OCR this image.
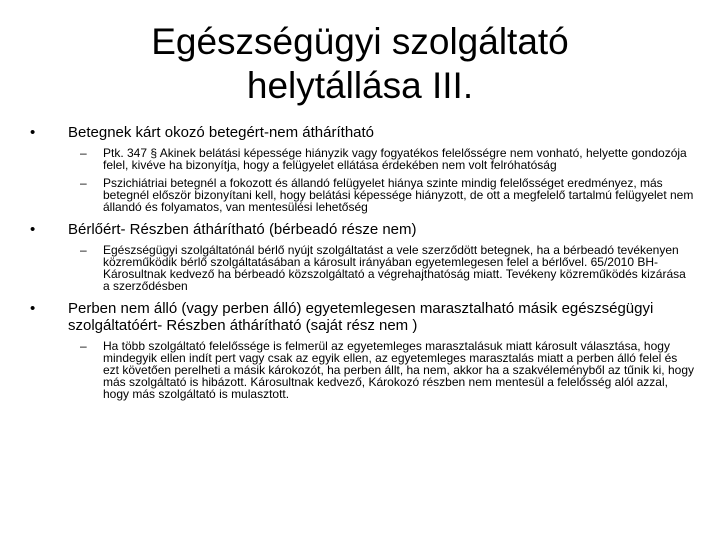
Egészségügyi szolgáltató
helytállása III.
• Betegnek kárt okozó betegért-nem áthárítható
– Ptk. 347 § Akinek belátási képessége hiányzik vagy fogyatékos felelősségre nem vonható, helyette gondozója felel, kivéve ha bizonyítja, hogy a felügyelet ellátása érdekében nem volt felróhatóság
– Pszichiátriai betegnél a fokozott és állandó felügyelet hiánya szinte mindig felelősséget eredményez, más betegnél először bizonyítani kell, hogy belátási képessége hiányzott, de ott a megfelelő tartalmú felügyelet nem állandó és folyamatos, van mentesülési lehetőség
• Bérlőért- Részben áthárítható (bérbeadó része nem)
– Egészségügyi szolgáltatónál bérlő nyújt szolgáltatást a vele szerződött betegnek, ha a bérbeadó tevékenyen közreműködik bérlő szolgáltatásában a károsult irányában egyetemlegesen felel a bérlővel. 65/2010 BH- Károsultnak kedvező ha bérbeadó közszolgáltató a végrehajthatóság miatt. Tevékeny közreműködés kizárása a szerződésben
• Perben nem álló (vagy perben álló) egyetemlegesen marasztalható másik egészségügyi szolgáltatóért- Részben áthárítható (saját rész nem )
– Ha több szolgáltató felelőssége is felmerül az egyetemleges marasztalásuk miatt károsult választása, hogy mindegyik ellen indít pert vagy csak az egyik ellen, az egyetemleges marasztalás miatt a perben álló felel és ezt követően perelheti a másik károkozót, ha perben állt, ha nem, akkor ha a szakvéleményből az tűnik ki, hogy más szolgáltató is hibázott. Károsultnak kedvező, Károkozó részben nem mentesül a felelősség alól azzal, hogy más szolgáltató is mulasztott.
